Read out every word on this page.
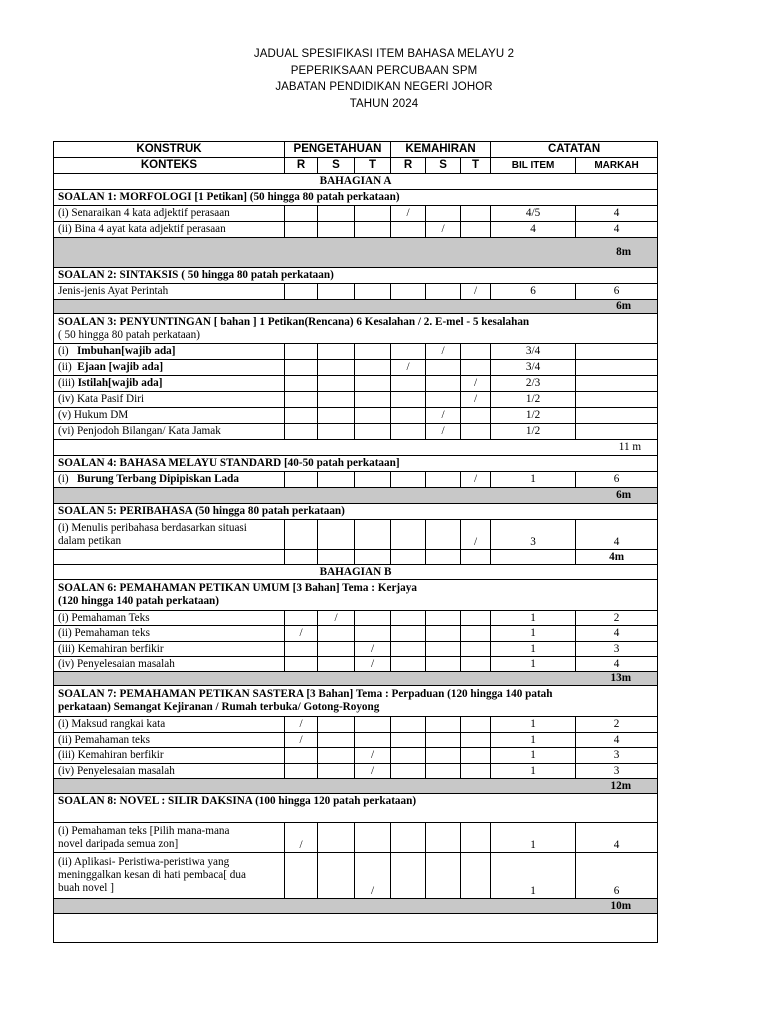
JADUAL SPESIFIKASI ITEM BAHASA MELAYU 2
PEPERIKSAAN PERCUBAAN SPM
JABATAN PENDIDIKAN NEGERI JOHOR
TAHUN 2024
KONSTRUK	PENGETAHUAN			KEMAHIRAN			CATATAN	
KONTEKS	R	S	T	R	S	T	BIL ITEM	MARKAH
BAHAGIAN A								
SOALAN 1: MORFOLOGI [1 Petikan] (50 hingga 80 patah perkataan)								
(i) Senaraikan 4 kata adjektif perasaan				/			4/5	4
(ii) Bina 4 ayat kata adjektif perasaan					/		4	4
8m								
SOALAN 2: SINTAKSIS ( 50 hingga 80 patah perkataan)								
Jenis-jenis Ayat Perintah						/	6	6
6m								

SOALAN 3: PENYUNTINGAN [ bahan ] 1 Petikan(Rencana) 6 Kesalahan / 2. E-mel - 5 kesalahan
( 50 hingga 80 patah perkataan)								

(i) Imbuhan[wajib ada]					/		3/4	
(ii) Ejaan [wajib ada]				/			3/4	
(iii) Istilah[wajib ada]						/	2/3	
(iv) Kata Pasif Diri						/	1/2	
(v) Hukum DM					/		1/2	
(vi) Penjodoh Bilangan/ Kata Jamak					/		1/2	
11 m								
SOALAN 4: BAHASA MELAYU STANDARD [40-50 patah perkataan]								
(i) Burung Terbang Dipipiskan Lada						/	1	6
6m								
SOALAN 5: PERIBAHASA (50 hingga 80 patah perkataan)								

(i) Menulis peribahasa berdasarkan situasi
dalam petikan						/	3	4
								4m
BAHAGIAN B								

SOALAN 6: PEMAHAMAN PETIKAN UMUM [3 Bahan] Tema : Kerjaya
(120 hingga 140 patah perkataan)								

(i) Pemahaman Teks		/					1	2
(ii) Pemahaman teks	/						1	4
(iii) Kemahiran berfikir			/				1	3
(iv) Penyelesaian masalah			/				1	4
13m								

SOALAN 7: PEMAHAMAN PETIKAN SASTERA [3 Bahan] Tema : Perpaduan (120 hingga 140 patah
perkataan) Semangat Kejiranan / Rumah terbuka/ Gotong-Royong								

(i) Maksud rangkai kata	/						1	2
(ii) Pemahaman teks	/						1	4
(iii) Kemahiran berfikir			/				1	3
(iv) Penyelesaian masalah			/				1	3
12m								
SOALAN 8: NOVEL : SILIR DAKSINA (100 hingga 120 patah perkataan)								

(i) Pemahaman teks [Pilih mana-mana
novel daripada semua zon]	/						1	4

(ii) Aplikasi- Peristiwa-peristiwa yang
meninggalkan kesan di hati pembaca[ dua
buah novel ]			/				1	6
10m								
